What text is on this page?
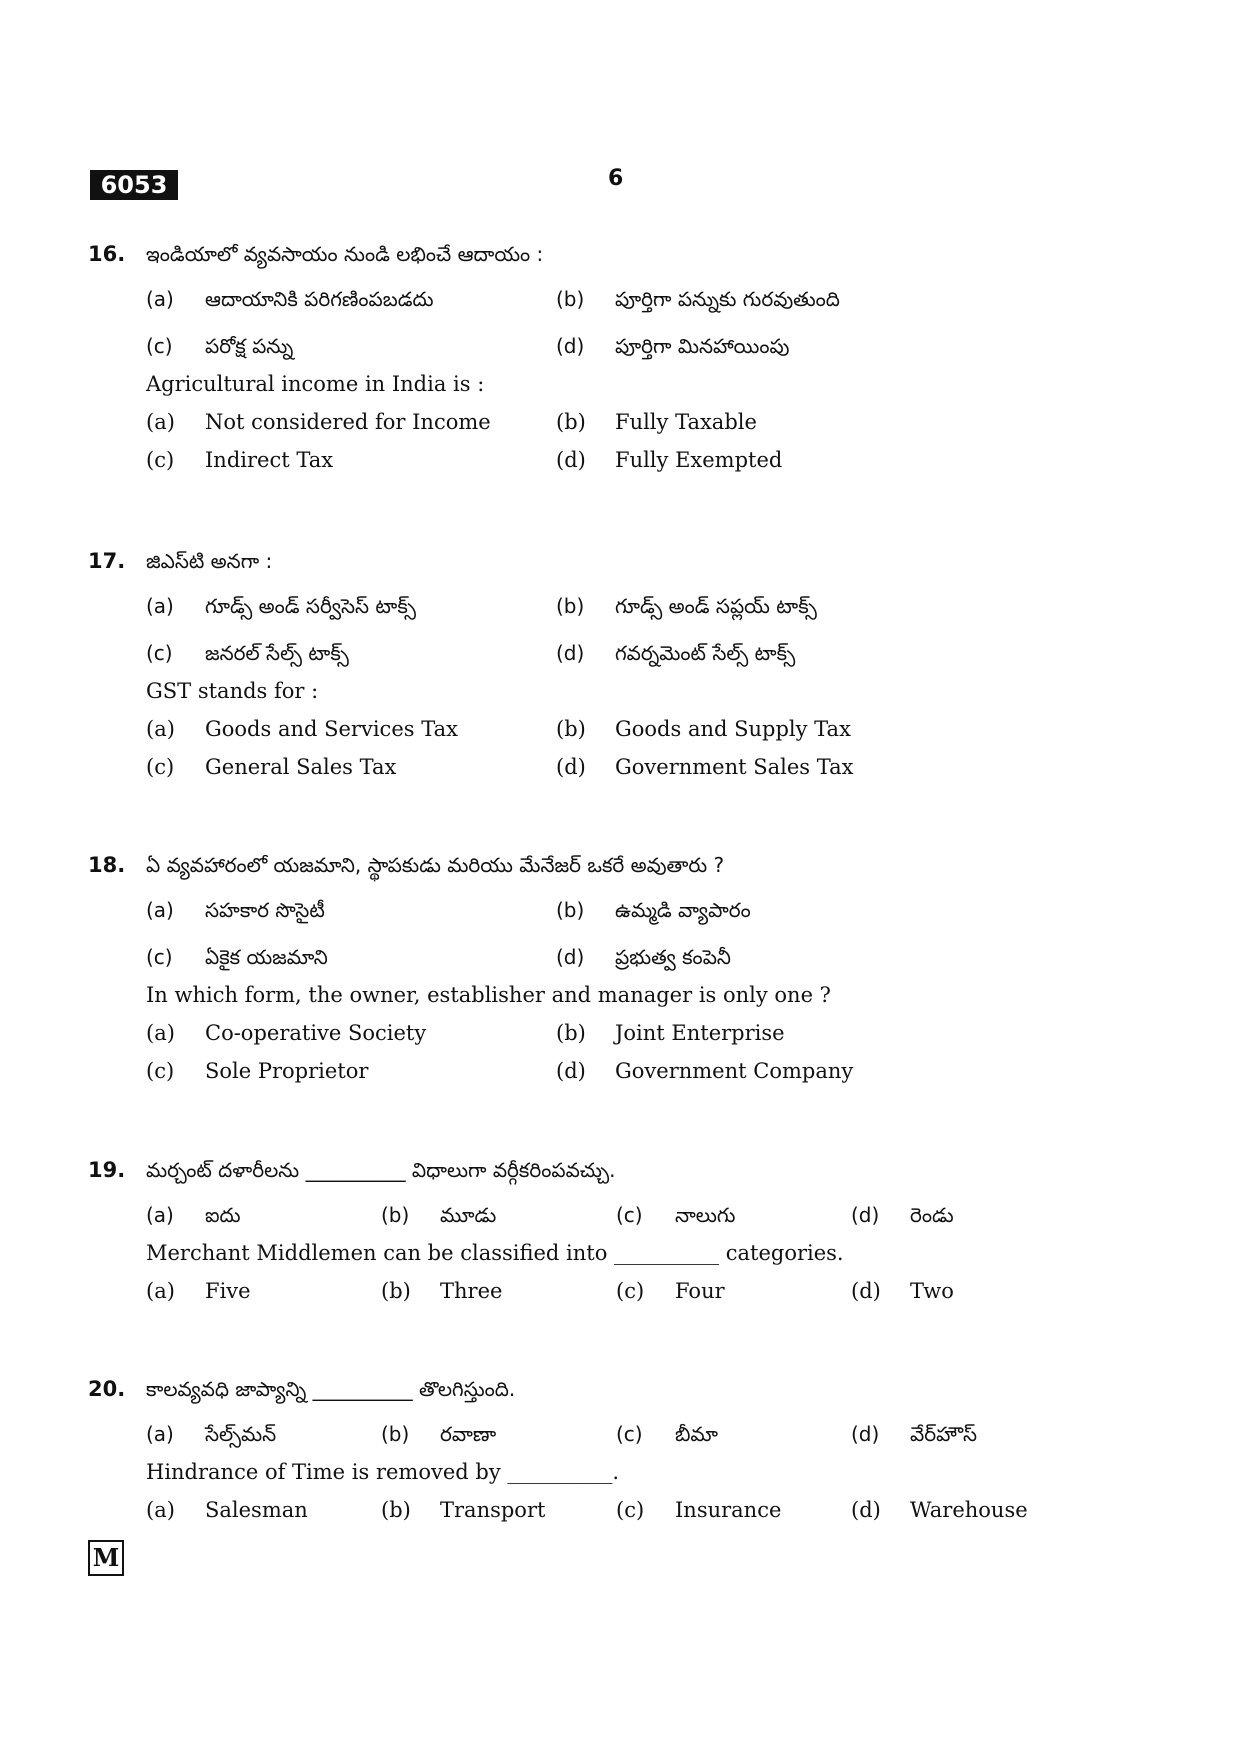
6053	6
16. ఇండియాలో వ్యవసాయం నుండి లభించే ఆదాయం :
(a) ఆదాయానికి పరిగణింపబడదు	(b) పూర్తిగా పన్నుకు గురవుతుంది
(c) పరోక్ష పన్ను	(d) పూర్తిగా మినహాయింపు
Agricultural income in India is :
(a) Not considered for Income	(b) Fully Taxable
(c) Indirect Tax	(d) Fully Exempted
17. జిఎస్‌టి అనగా :
(a) గూడ్స్ అండ్ సర్వీసెస్ టాక్స్	(b) గూడ్స్ అండ్ సప్లయ్ టాక్స్
(c) జనరల్ సేల్స్ టాక్స్	(d) గవర్నమెంట్ సేల్స్ టాక్స్
GST stands for :
(a) Goods and Services Tax	(b) Goods and Supply Tax
(c) General Sales Tax	(d) Government Sales Tax
18. ఏ వ్యవహారంలో యజమాని, స్థాపకుడు మరియు మేనేజర్ ఒకరే అవుతారు ?
(a) సహకార సొసైటీ	(b) ఉమ్మడి వ్యాపారం
(c) ఏకైక యజమాని	(d) ప్రభుత్వ కంపెనీ
In which form, the owner, establisher and manager is only one ?
(a) Co-operative Society	(b) Joint Enterprise
(c) Sole Proprietor	(d) Government Company
19. మర్చంట్ దళారీలను __________ విధాలుగా వర్గీకరింపవచ్చు.
(a) ఐదు	(b) మూడు	(c) నాలుగు	(d) రెండు
Merchant Middlemen can be classified into __________ categories.
(a) Five	(b) Three	(c) Four	(d) Two
20. కాలవ్యవధి జాప్యాన్ని __________ తొలగిస్తుంది.
(a) సేల్స్‌మన్	(b) రవాణా	(c) బీమా	(d) వేర్‌హౌస్
Hindrance of Time is removed by __________.
(a) Salesman	(b) Transport	(c) Insurance	(d) Warehouse
M
